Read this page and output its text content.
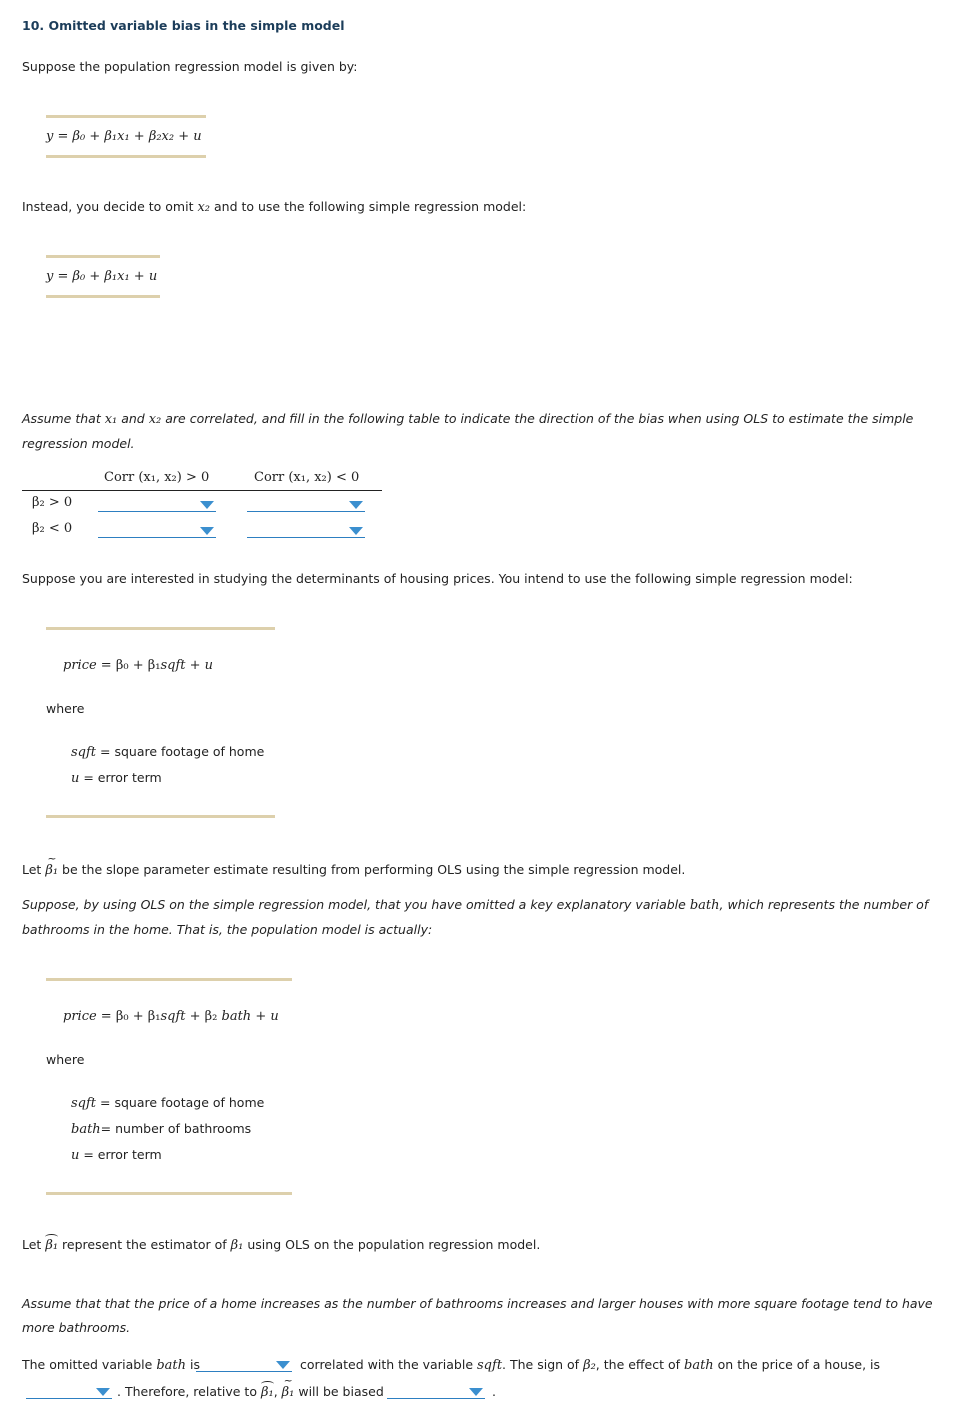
10. Omitted variable bias in the simple model
Suppose the population regression model is given by:
y = β₀ + β₁x₁ + β₂x₂ + u
Instead, you decide to omit x₂ and to use the following simple regression model:
y = β₀ + β₁x₁ + u
Assume that x₁ and x₂ are correlated, and fill in the following table to indicate the direction of the bias when using OLS to estimate the simple regression model.
Corr (x₁, x₂) > 0	Corr (x₁, x₂) < 0
β₂ > 0
β₂ < 0
Suppose you are interested in studying the determinants of housing prices. You intend to use the following simple regression model:
price = β₀ + β₁sqft + u
where
sqft = square footage of home
u = error term
Let ~ β₁ be the slope parameter estimate resulting from performing OLS using the simple regression model.
Suppose, by using OLS on the simple regression model, that you have omitted a key explanatory variable bath, which represents the number of bathrooms in the home. That is, the population model is actually:
price = β₀ + β₁sqft + β₂ bath + u
where
sqft = square footage of home
bath= number of bathrooms
u = error term
Let β₁ represent the estimator of β₁ using OLS on the population regression model.
Assume that that the price of a home increases as the number of bathrooms increases and larger houses with more square footage tend to have more bathrooms.
The omitted variable bath is	correlated with the variable sqft. The sign of β₂, the effect of bath on the price of a house, is
. Therefore, relative to β₁, ~ β₁ will be biased	.
